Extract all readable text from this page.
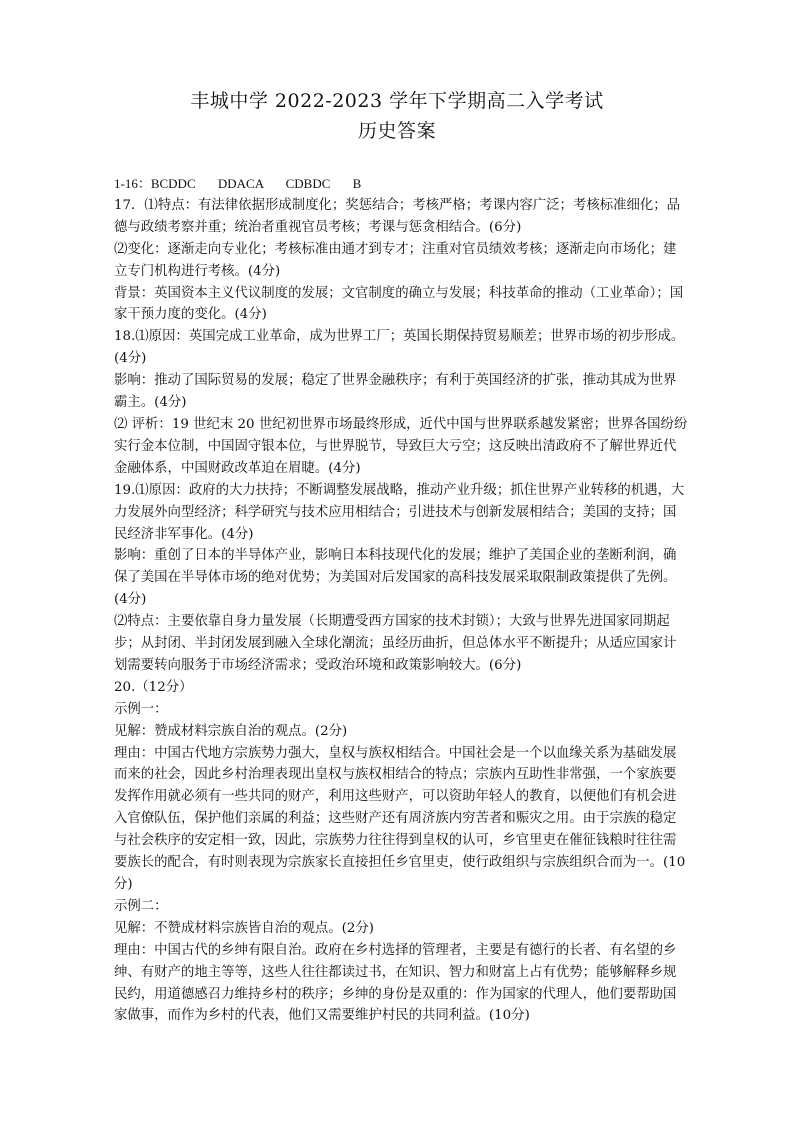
丰城中学 2022-2023 学年下学期高二入学考试
历史答案

1-16：BCDDC　 DDACA　 CDBDC　 B

17．⑴特点：有法律依据形成制度化；奖惩结合；考核严格；考课内容广泛；考核标准细化；品德与政绩考察并重；统治者重视官员考核；考课与惩贪相结合。(6分)

⑵变化：逐渐走向专业化；考核标准由通才到专才；注重对官员绩效考核；逐渐走向市场化；建立专门机构进行考核。(4分)

背景：英国资本主义代议制度的发展；文官制度的确立与发展；科技革命的推动（工业革命）；国家干预力度的变化。(4分)

18.⑴原因：英国完成工业革命，成为世界工厂；英国长期保持贸易顺差；世界市场的初步形成。(4分)

影响：推动了国际贸易的发展；稳定了世界金融秩序；有利于英国经济的扩张，推动其成为世界霸主。(4分)

⑵ 评析：19 世纪末 20 世纪初世界市场最终形成，近代中国与世界联系越发紧密；世界各国纷纷实行金本位制，中国固守银本位，与世界脱节，导致巨大亏空；这反映出清政府不了解世界近代金融体系，中国财政改革迫在眉睫。(4分)

19.⑴原因：政府的大力扶持；不断调整发展战略，推动产业升级；抓住世界产业转移的机遇，大力发展外向型经济；科学研究与技术应用相结合；引进技术与创新发展相结合；美国的支持；国民经济非军事化。(4分)

影响：重创了日本的半导体产业，影响日本科技现代化的发展；维护了美国企业的垄断利润，确保了美国在半导体市场的绝对优势；为美国对后发国家的高科技发展采取限制政策提供了先例。(4分)

⑵特点：主要依靠自身力量发展（长期遭受西方国家的技术封锁）；大致与世界先进国家同期起步；从封闭、半封闭发展到融入全球化潮流；虽经历曲折，但总体水平不断提升；从适应国家计划需要转向服务于市场经济需求；受政治环境和政策影响较大。(6分)

20.（12分）

示例一：

见解：赞成材料宗族自治的观点。(2分)

理由：中国古代地方宗族势力强大，皇权与族权相结合。中国社会是一个以血缘关系为基础发展而来的社会，因此乡村治理表现出皇权与族权相结合的特点；宗族内互助性非常强，一个家族要发挥作用就必须有一些共同的财产，利用这些财产，可以资助年轻人的教育，以便他们有机会进入官僚队伍，保护他们亲属的利益；这些财产还有周济族内穷苦者和赈灾之用。由于宗族的稳定与社会秩序的安定相一致，因此，宗族势力往往得到皇权的认可，乡官里吏在催征钱粮时往往需要族长的配合，有时则表现为宗族家长直接担任乡官里吏，使行政组织与宗族组织合而为一。(10分)

示例二：

见解：不赞成材料宗族皆自治的观点。(2分)

理由：中国古代的乡绅有限自治。政府在乡村选择的管理者，主要是有德行的长者、有名望的乡绅、有财产的地主等等，这些人往往都读过书，在知识、智力和财富上占有优势；能够解释乡规民约，用道德感召力维持乡村的秩序；乡绅的身份是双重的：作为国家的代理人，他们要帮助国家做事，而作为乡村的代表，他们又需要维护村民的共同利益。(10分)
